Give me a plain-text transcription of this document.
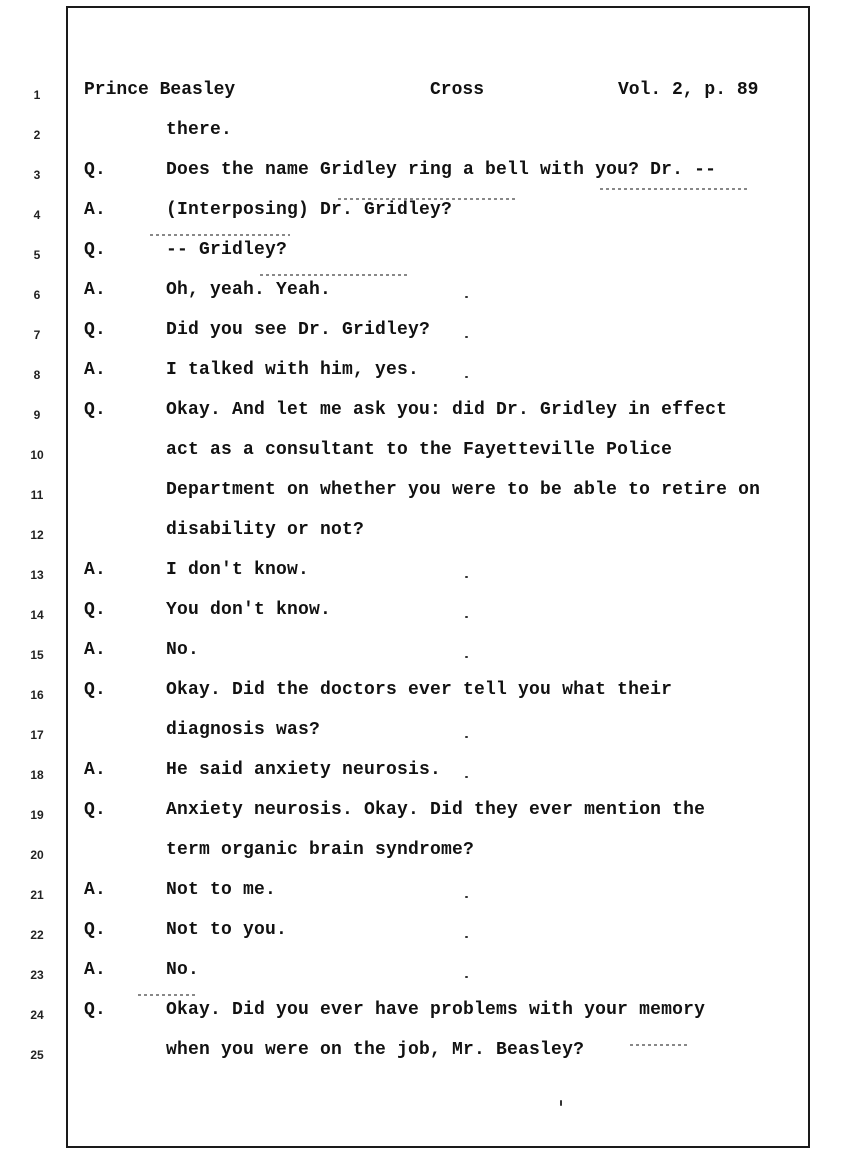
1	Prince Beasley	Cross	Vol. 2, p. 89
2	there.
3	Q.	Does the name Gridley ring a bell with you? Dr. --
4	A.	(Interposing) Dr. Gridley?
5	Q.	-- Gridley?
6	A.	Oh, yeah. Yeah.
7	Q.	Did you see Dr. Gridley?
8	A.	I talked with him, yes.
9	Q.	Okay. And let me ask you: did Dr. Gridley in effect
10	act as a consultant to the Fayetteville Police
11	Department on whether you were to be able to retire on
12	disability or not?
13	A.	I don't know.
14	Q.	You don't know.
15	A.	No.
16	Q.	Okay. Did the doctors ever tell you what their
17	diagnosis was?
18	A.	He said anxiety neurosis.
19	Q.	Anxiety neurosis. Okay. Did they ever mention the
20	term organic brain syndrome?
21	A.	Not to me.
22	Q.	Not to you.
23	A.	No.
24	Q.	Okay. Did you ever have problems with your memory
25	when you were on the job, Mr. Beasley?
